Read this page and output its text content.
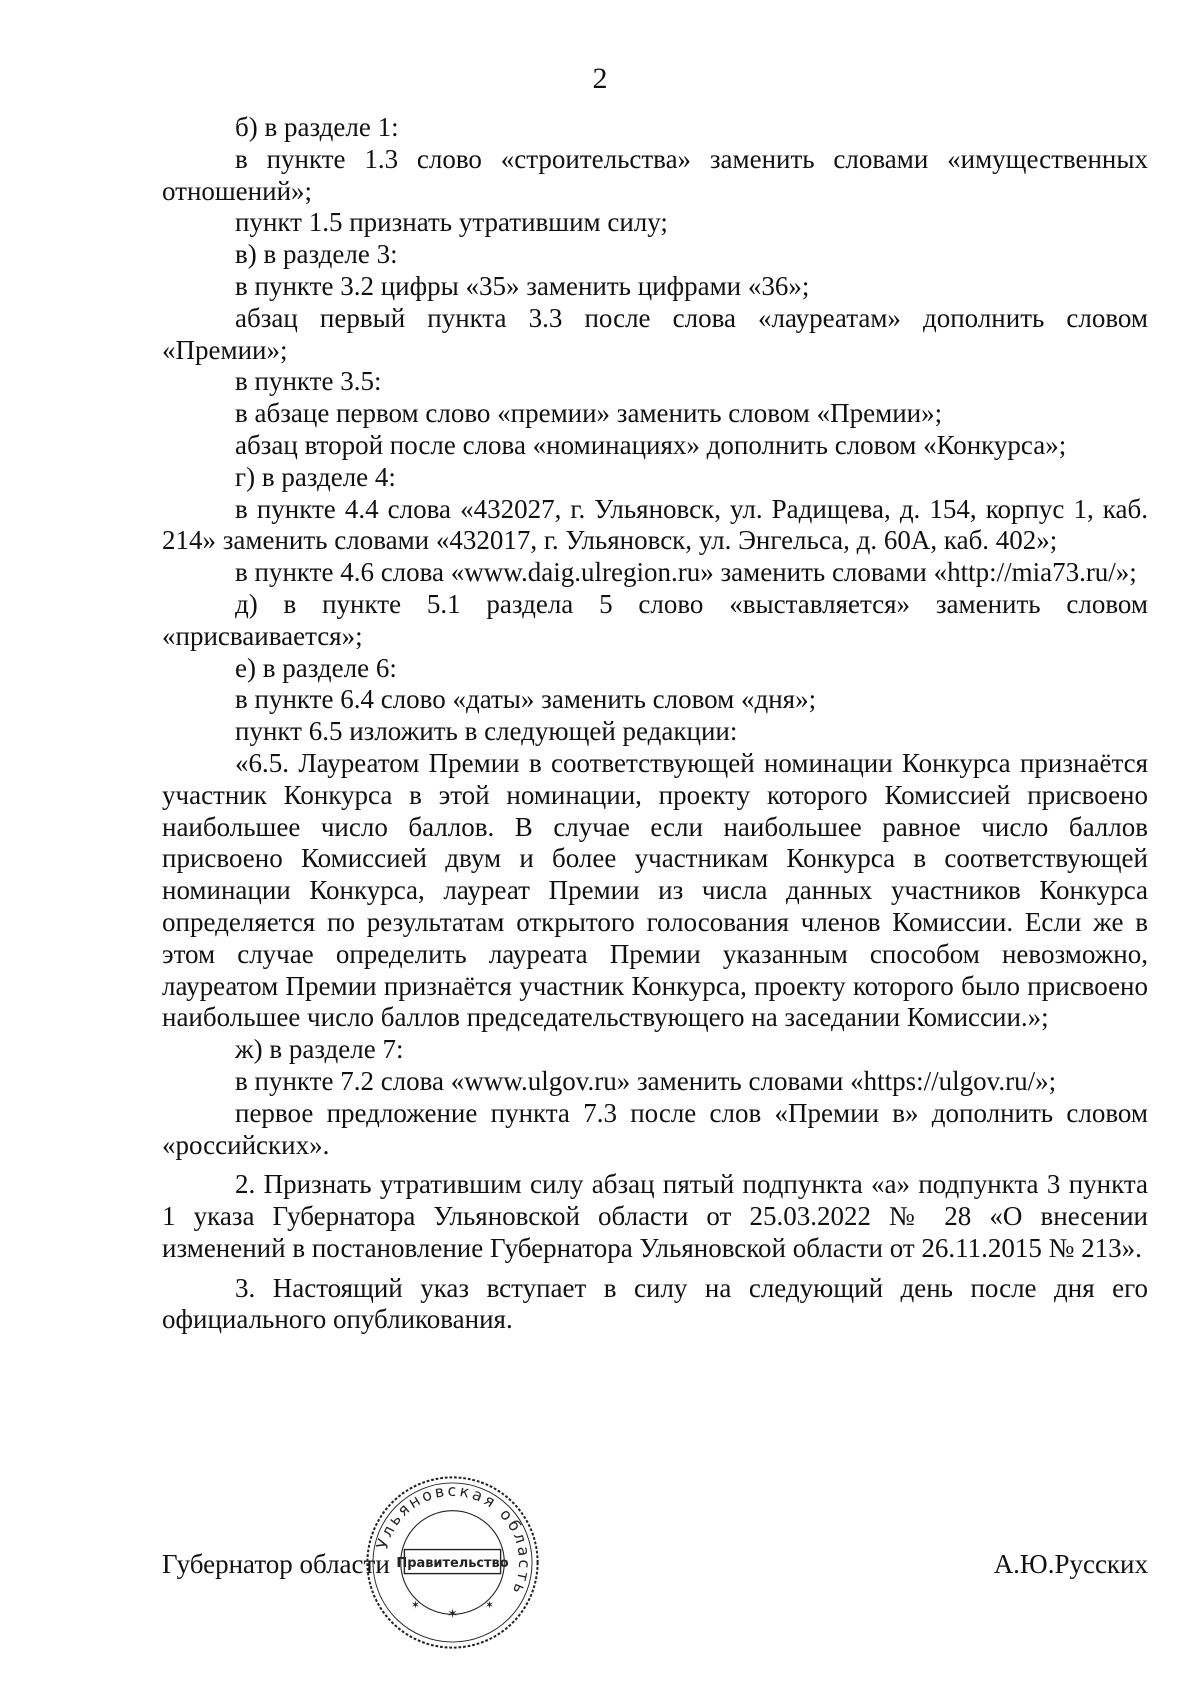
2

б) в разделе 1:

в пункте 1.3 слово «строительства» заменить словами «имущественных отношений»;

пункт 1.5 признать утратившим силу;

в) в разделе 3:

в пункте 3.2 цифры «35» заменить цифрами «36»;

абзац первый пункта 3.3 после слова «лауреатам» дополнить словом «Премии»;

в пункте 3.5:

в абзаце первом слово «премии» заменить словом «Премии»;

абзац второй после слова «номинациях» дополнить словом «Конкурса»;

г) в разделе 4:

в пункте 4.4 слова «432027, г. Ульяновск, ул. Радищева, д. 154, корпус 1, каб. 214» заменить словами «432017, г. Ульяновск, ул. Энгельса, д. 60А, каб. 402»;

в пункте 4.6 слова «www.daig.ulregion.ru» заменить словами «http://mia73.ru/»;

д) в пункте 5.1 раздела 5 слово «выставляется» заменить словом «присваивается»;

е) в разделе 6:

в пункте 6.4 слово «даты» заменить словом «дня»;

пункт 6.5 изложить в следующей редакции:

«6.5. Лауреатом Премии в соответствующей номинации Конкурса признаётся участник Конкурса в этой номинации, проекту которого Комиссией присвоено наибольшее число баллов. В случае если наибольшее равное число баллов присвоено Комиссией двум и более участникам Конкурса в соответствующей номинации Конкурса, лауреат Премии из числа данных участников Конкурса определяется по результатам открытого голосования членов Комиссии. Если же в этом случае определить лауреата Премии указанным способом невозможно, лауреатом Премии признаётся участник Конкурса, проекту которого было присвоено наибольшее число баллов председательствующего на заседании Комиссии.»;

ж) в разделе 7:

в пункте 7.2 слова «www.ulgov.ru» заменить словами «https://ulgov.ru/»;

первое предложение пункта 7.3 после слов «Премии в» дополнить словом «российских».

2. Признать утратившим силу абзац пятый подпункта «а» подпункта 3 пункта 1 указа Губернатора Ульяновской области от 25.03.2022 № 28 «О внесении изменений в постановление Губернатора Ульяновской области от 26.11.2015 № 213».

3. Настоящий указ вступает в силу на следующий день после дня его официального опубликования.

Губернатор области	А.Ю.Русских
Ульяновская область
Правительство
✶
✶	✶
